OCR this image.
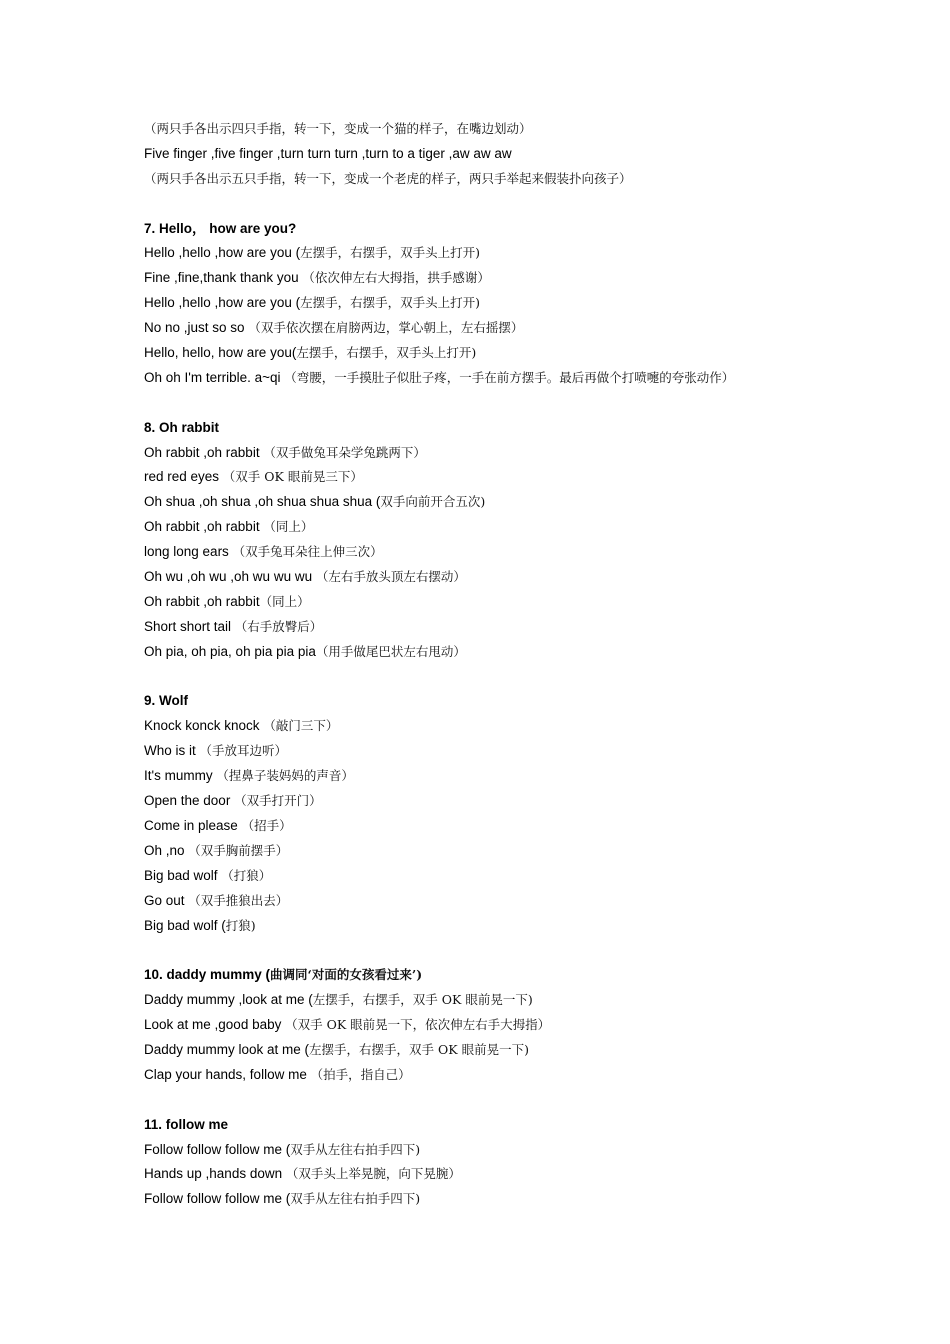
（两只手各出示四只手指，转一下，变成一个猫的样子，在嘴边划动）
Five finger ,five finger ,turn turn turn ,turn to a tiger ,aw aw aw
（两只手各出示五只手指，转一下，变成一个老虎的样子，两只手举起来假装扑向孩子）
7. Hello， how are you?
Hello ,hello ,how are you (左摆手，右摆手，双手头上打开)
Fine ,fine,thank thank you （依次伸左右大拇指，拱手感谢）
Hello ,hello ,how are you (左摆手，右摆手，双手头上打开)
No no ,just so so （双手依次摆在肩膀两边，掌心朝上，左右摇摆）
Hello, hello, how are you(左摆手，右摆手，双手头上打开)
Oh oh I'm terrible. a~qi （弯腰，一手摸肚子似肚子疼，一手在前方摆手。最后再做个打喷嚏的夸张动作）
8. Oh rabbit
Oh rabbit ,oh rabbit （双手做兔耳朵学兔跳两下）
red red eyes （双手 OK 眼前晃三下）
Oh shua ,oh shua ,oh shua shua shua (双手向前开合五次)
Oh rabbit ,oh rabbit （同上）
long long ears （双手兔耳朵往上伸三次）
Oh wu ,oh wu ,oh wu wu wu （左右手放头顶左右摆动）
Oh rabbit ,oh rabbit（同上）
Short short tail （右手放臀后）
Oh pia, oh pia, oh pia pia pia（用手做尾巴状左右甩动）
9. Wolf
Knock konck knock （敲门三下）
Who is it （手放耳边听）
It's mummy （捏鼻子装妈妈的声音）
Open the door （双手打开门）
Come in please （招手）
Oh ,no （双手胸前摆手）
Big bad wolf （打狼）
Go out （双手推狼出去）
Big bad wolf (打狼)
10. daddy mummy (曲调同‘对面的女孩看过来’)
Daddy mummy ,look at me (左摆手，右摆手，双手 OK 眼前晃一下)
Look at me ,good baby （双手 OK 眼前晃一下，依次伸左右手大拇指）
Daddy mummy look at me (左摆手，右摆手，双手 OK 眼前晃一下)
Clap your hands, follow me （拍手，指自己）
11. follow me
Follow follow follow me (双手从左往右拍手四下)
Hands up ,hands down （双手头上举晃腕，向下晃腕）
Follow follow follow me (双手从左往右拍手四下)
